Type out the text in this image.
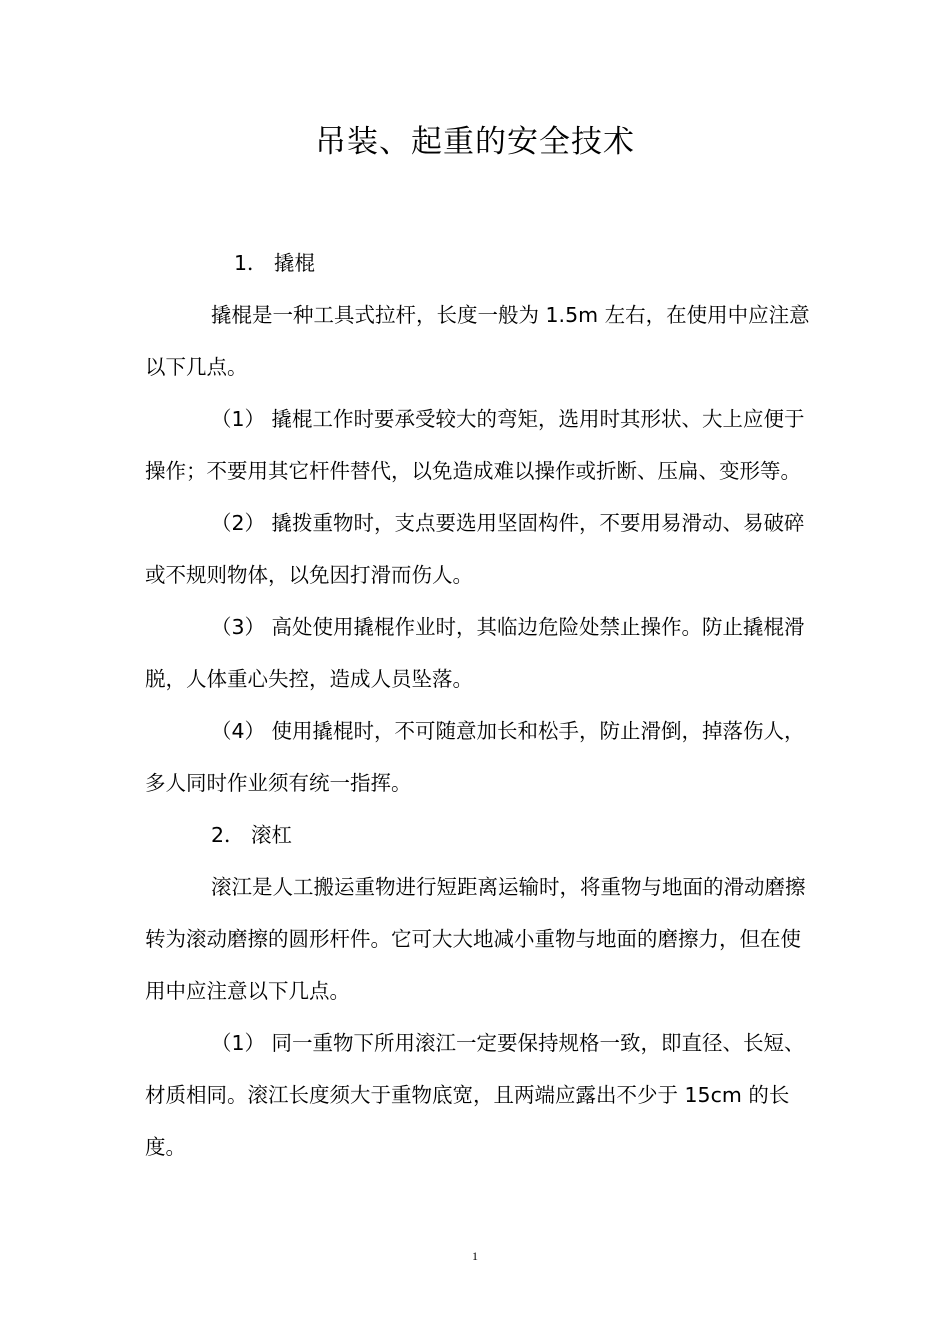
吊装、起重的安全技术

1． 撬棍

撬棍是一种工具式拉杆，长度一般为 1.5m 左右，在使用中应注意以下几点。

（1） 撬棍工作时要承受较大的弯矩，选用时其形状、大上应便于操作；不要用其它杆件替代，以免造成难以操作或折断、压扁、变形等。

（2） 撬拨重物时，支点要选用坚固构件，不要用易滑动、易破碎或不规则物体，以免因打滑而伤人。

（3） 高处使用撬棍作业时，其临边危险处禁止操作。防止撬棍滑脱，人体重心失控，造成人员坠落。

（4） 使用撬棍时，不可随意加长和松手，防止滑倒，掉落伤人，多人同时作业须有统一指挥。

2． 滚杠

滚江是人工搬运重物进行短距离运输时，将重物与地面的滑动磨擦转为滚动磨擦的圆形杆件。它可大大地减小重物与地面的磨擦力，但在使用中应注意以下几点。

（1） 同一重物下所用滚江一定要保持规格一致，即直径、长短、材质相同。滚江长度须大于重物底宽，且两端应露出不少于 15cm 的长度。

1
